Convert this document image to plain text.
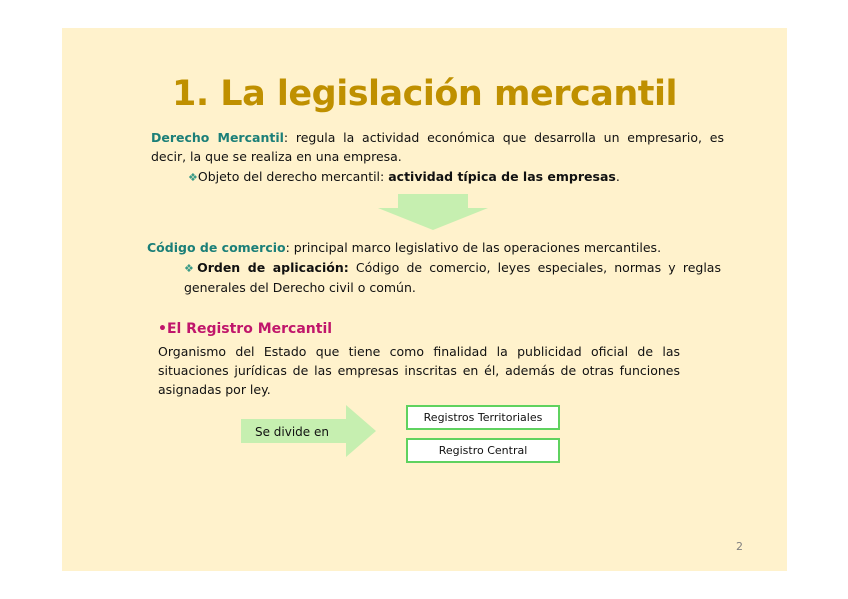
1. La legislación mercantil
Derecho Mercantil: regula la actividad económica que desarrolla un empresario, es decir, la que se realiza en una empresa.
❖Objeto del derecho mercantil: actividad típica de las empresas.
Código de comercio: principal marco legislativo de las operaciones mercantiles.
❖Orden de aplicación: Código de comercio, leyes especiales, normas y reglas generales del Derecho civil o común.
•El Registro Mercantil
Organismo del Estado que tiene como finalidad la publicidad oficial de las situaciones jurídicas de las empresas inscritas en él, además de otras funciones asignadas por ley.
Se divide en
Registros Territoriales
Registro Central
2
